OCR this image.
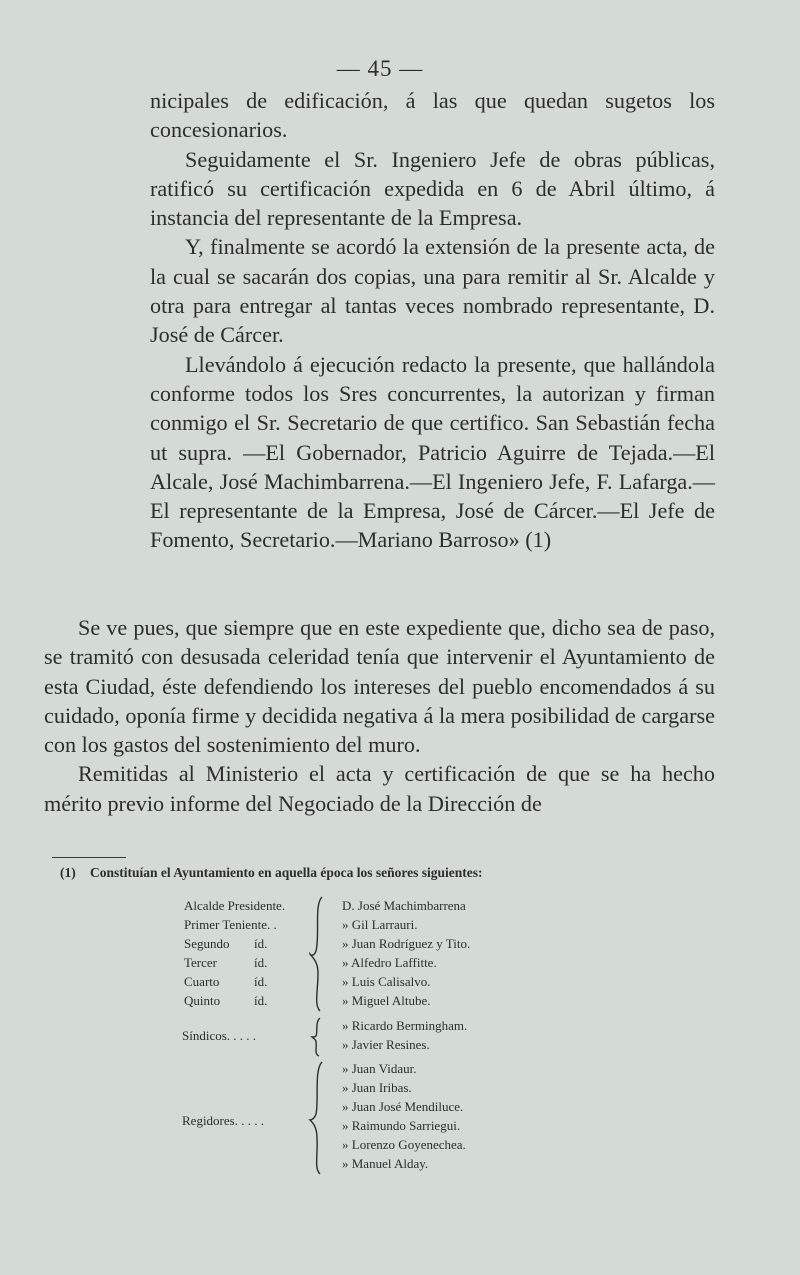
— 45 —

nicipales de edificación, á las que quedan sugetos los concesionarios.

Seguidamente el Sr. Ingeniero Jefe de obras públicas, ratificó su certificación expedida en 6 de Abril último, á instancia del representante de la Empresa.

Y, finalmente se acordó la extensión de la presente acta, de la cual se sacarán dos copias, una para remitir al Sr. Alcalde y otra para entregar al tantas veces nombrado representante, D. José de Cárcer.

Llevándolo á ejecución redacto la presente, que hallándola conforme todos los Sres concurrentes, la autorizan y firman conmigo el Sr. Secretario de que certifico. San Sebastián fecha ut supra. —El Gobernador, Patricio Aguirre de Tejada.—El Alcale, José Machimbarrena.—El Ingeniero Jefe, F. Lafarga.—El representante de la Empresa, José de Cárcer.—El Jefe de Fomento, Secretario.—Mariano Barroso» (1)

Se ve pues, que siempre que en este expediente que, dicho sea de paso, se tramitó con desusada celeridad tenía que intervenir el Ayuntamiento de esta Ciudad, éste defendiendo los intereses del pueblo encomendados á su cuidado, oponía firme y decidida negativa á la mera posibilidad de cargarse con los gastos del sostenimiento del muro.

Remitidas al Ministerio el acta y certificación de que se ha hecho mérito previo informe del Negociado de la Dirección de

(1) Constituían el Ayuntamiento en aquella época los señores siguientes:
Alcalde Presidente.	D. José Machimbarrena
Primer Teniente. .	» Gil Larrauri.
Segundo íd.	» Juan Rodríguez y Tito.
Tercer	íd.	» Alfedro Laffitte.
Cuarto	íd.	» Luis Calisalvo.
Quinto	íd.	» Miguel Altube.
Síndicos. . . . .
» Ricardo Bermingham.
» Javier Resines.
Regidores. . . . .
» Juan Vidaur.
» Juan Iribas.
» Juan José Mendiluce.
» Raimundo Sarriegui.
» Lorenzo Goyenechea.
» Manuel Alday.
